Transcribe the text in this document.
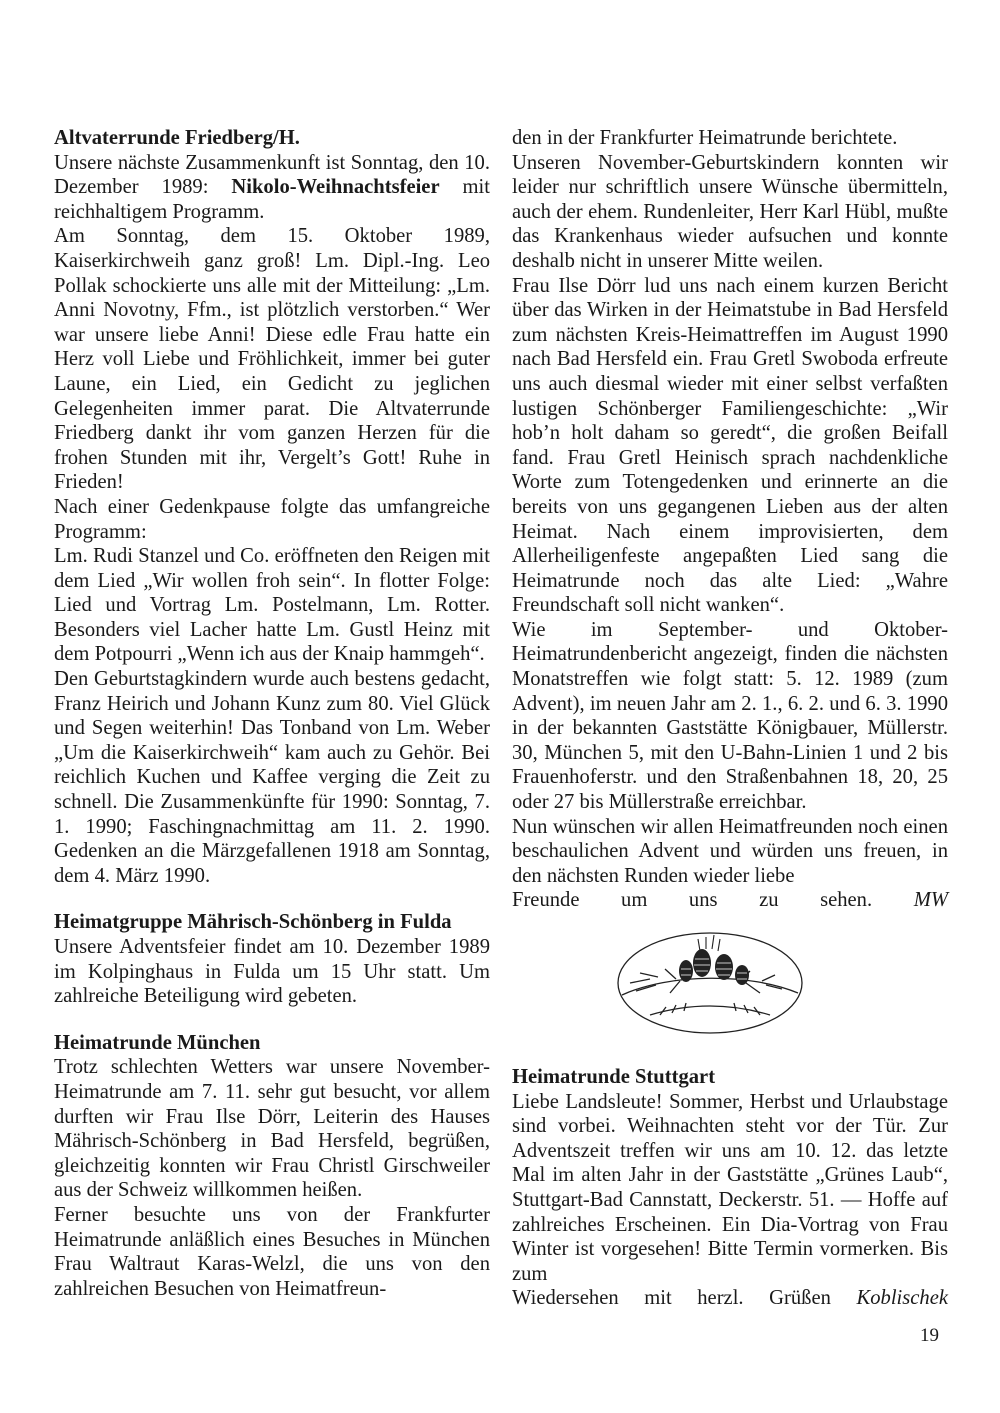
Altvaterrunde Friedberg/H.

Unsere nächste Zusammenkunft ist Sonntag, den 10. Dezember 1989: Nikolo-Weihnachtsfeier mit reichhaltigem Programm.

Am Sonntag, dem 15. Oktober 1989, Kaiserkirchweih ganz groß! Lm. Dipl.-Ing. Leo Pollak schockierte uns alle mit der Mitteilung: „Lm. Anni Novotny, Ffm., ist plötzlich verstorben.“ Wer war unsere liebe Anni! Diese edle Frau hatte ein Herz voll Liebe und Fröhlichkeit, immer bei guter Laune, ein Lied, ein Gedicht zu jeglichen Gelegenheiten immer parat. Die Altvaterrunde Friedberg dankt ihr vom ganzen Herzen für die frohen Stunden mit ihr, Vergelt’s Gott! Ruhe in Frieden!

Nach einer Gedenkpause folgte das umfangreiche Programm:

Lm. Rudi Stanzel und Co. eröffneten den Reigen mit dem Lied „Wir wollen froh sein“. In flotter Folge: Lied und Vortrag Lm. Postelmann, Lm. Rotter. Besonders viel Lacher hatte Lm. Gustl Heinz mit dem Potpourri „Wenn ich aus der Knaip hammgeh“.

Den Geburtstagkindern wurde auch bestens gedacht, Franz Heirich und Johann Kunz zum 80. Viel Glück und Segen weiterhin! Das Tonband von Lm. Weber „Um die Kaiserkirchweih“ kam auch zu Gehör. Bei reichlich Kuchen und Kaffee verging die Zeit zu schnell. Die Zusammenkünfte für 1990: Sonntag, 7. 1. 1990; Faschingnachmittag am 11. 2. 1990. Gedenken an die Märzgefallenen 1918 am Sonntag, dem 4. März 1990.

Heimatgruppe Mährisch-Schönberg in Fulda

Unsere Adventsfeier findet am 10. Dezember 1989 im Kolpinghaus in Fulda um 15 Uhr statt. Um zahlreiche Beteiligung wird gebeten.

Heimatrunde München

Trotz schlechten Wetters war unsere November-Heimatrunde am 7. 11. sehr gut besucht, vor allem durften wir Frau Ilse Dörr, Leiterin des Hauses Mährisch-Schönberg in Bad Hersfeld, begrüßen, gleichzeitig konnten wir Frau Christl Girschweiler aus der Schweiz willkommen heißen.

Ferner besuchte uns von der Frankfurter Heimatrunde anläßlich eines Besuches in München Frau Waltraut Karas-Welzl, die uns von den zahlreichen Besuchen von Heimatfreun-

den in der Frankfurter Heimatrunde berichtete.

Unseren November-Geburtskindern konnten wir leider nur schriftlich unsere Wünsche übermitteln, auch der ehem. Rundenleiter, Herr Karl Hübl, mußte das Krankenhaus wieder aufsuchen und konnte deshalb nicht in unserer Mitte weilen.

Frau Ilse Dörr lud uns nach einem kurzen Bericht über das Wirken in der Heimatstube in Bad Hersfeld zum nächsten Kreis-Heimattreffen im August 1990 nach Bad Hersfeld ein. Frau Gretl Swoboda erfreute uns auch diesmal wieder mit einer selbst verfaßten lustigen Schönberger Familiengeschichte: „Wir hob’n holt daham so geredt“, die großen Beifall fand. Frau Gretl Heinisch sprach nachdenkliche Worte zum Totengedenken und erinnerte an die bereits von uns gegangenen Lieben aus der alten Heimat. Nach einem improvisierten, dem Allerheiligenfeste angepaßten Lied sang die Heimatrunde noch das alte Lied: „Wahre Freundschaft soll nicht wanken“.

Wie im September- und Oktober-Heimatrundenbericht angezeigt, finden die nächsten Monatstreffen wie folgt statt: 5. 12. 1989 (zum Advent), im neuen Jahr am 2. 1., 6. 2. und 6. 3. 1990 in der bekannten Gaststätte Königbauer, Müllerstr. 30, München 5, mit den U-Bahn-Linien 1 und 2 bis Frauenhoferstr. und den Straßenbahnen 18, 20, 25 oder 27 bis Müllerstraße erreichbar.

Nun wünschen wir allen Heimatfreunden noch einen beschaulichen Advent und würden uns freuen, in den nächsten Runden wieder liebe

Freunde um uns zu sehen. MW

Heimatrunde Stuttgart

Liebe Landsleute! Sommer, Herbst und Urlaubstage sind vorbei. Weihnachten steht vor der Tür. Zur Adventszeit treffen wir uns am 10. 12. das letzte Mal im alten Jahr in der Gaststätte „Grünes Laub“, Stuttgart-Bad Cannstatt, Deckerstr. 51. — Hoffe auf zahlreiches Erscheinen. Ein Dia-Vortrag von Frau Winter ist vorgesehen! Bitte Termin vormerken. Bis zum

Wiedersehen mit herzl. Grüßen Koblischek

19
